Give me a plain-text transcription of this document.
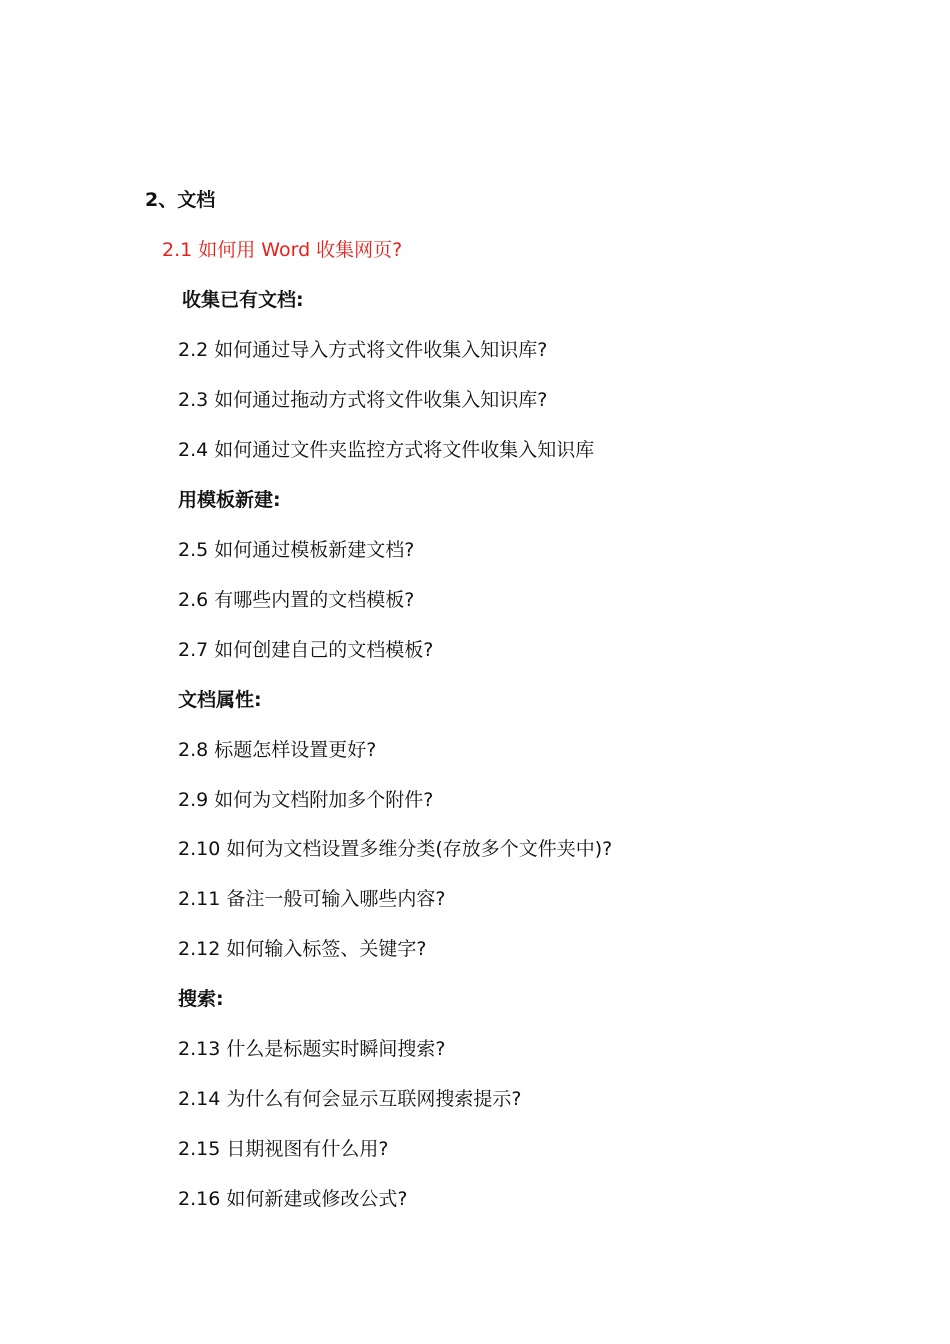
2、文档
2.1 如何用 Word 收集网页?
收集已有文档:
2.2 如何通过导入方式将文件收集入知识库?
2.3 如何通过拖动方式将文件收集入知识库?
2.4 如何通过文件夹监控方式将文件收集入知识库
用模板新建:
2.5 如何通过模板新建文档?
2.6 有哪些内置的文档模板?
2.7 如何创建自己的文档模板?
文档属性:
2.8 标题怎样设置更好?
2.9 如何为文档附加多个附件?
2.10 如何为文档设置多维分类(存放多个文件夹中)?
2.11 备注一般可输入哪些内容?
2.12 如何输入标签、关键字?
搜索:
2.13 什么是标题实时瞬间搜索?
2.14 为什么有何会显示互联网搜索提示?
2.15 日期视图有什么用?
2.16 如何新建或修改公式?
